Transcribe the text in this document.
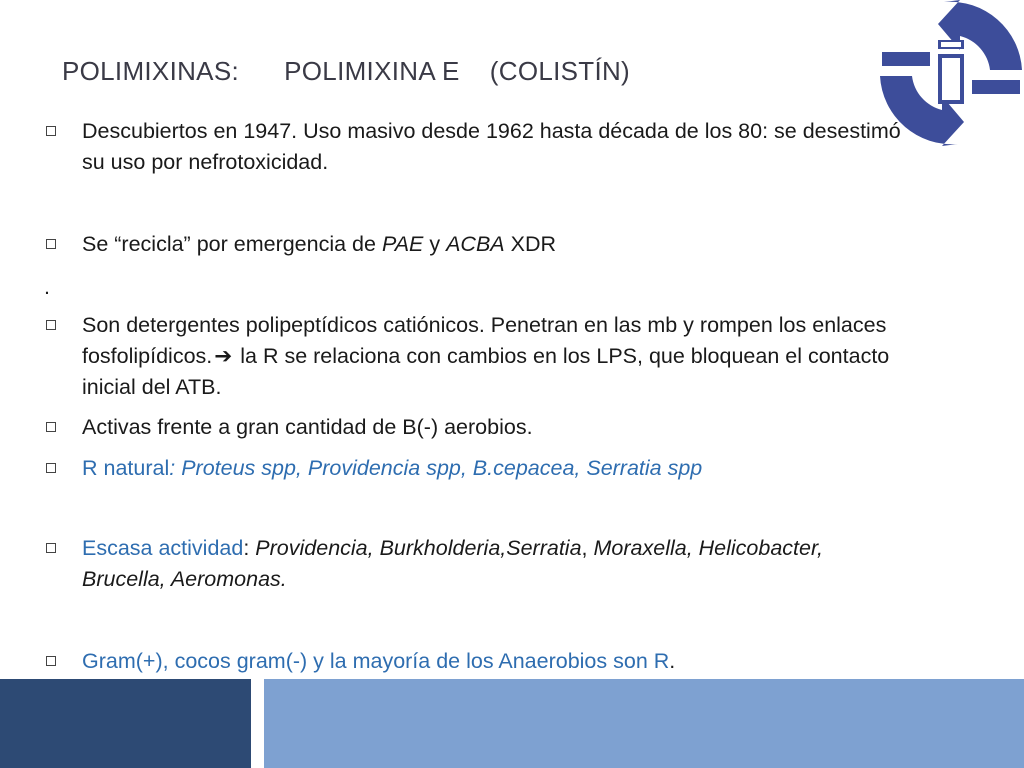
POLIMIXINAS: POLIMIXINA E (COLISTÍN)
Descubiertos en 1947. Uso masivo desde 1962 hasta década de los 80: se desestimó su uso por nefrotoxicidad.
Se “recicla” por emergencia de PAE y ACBA XDR
.
Son detergentes polipeptídicos catiónicos. Penetran en las mb y rompen los enlaces fosfolipídicos.➔ la R se relaciona con cambios en los LPS, que bloquean el contacto inicial del ATB.
Activas frente a gran cantidad de B(-) aerobios.
R natural: Proteus spp, Providencia spp, B.cepacea, Serratia spp
Escasa actividad: Providencia, Burkholderia,Serratia, Moraxella, Helicobacter, Brucella, Aeromonas.
Gram(+), cocos gram(-) y la mayoría de los Anaerobios son R.
